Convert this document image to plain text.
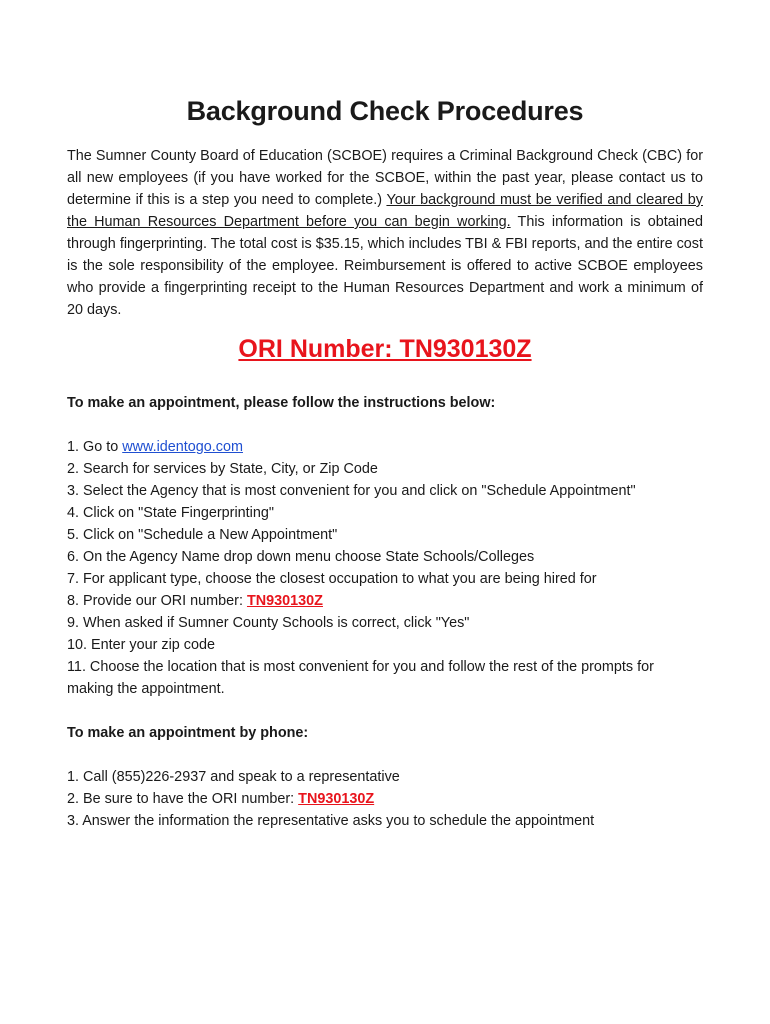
Background Check Procedures

The Sumner County Board of Education (SCBOE) requires a Criminal Background Check (CBC) for all new employees (if you have worked for the SCBOE, within the past year, please contact us to determine if this is a step you need to complete.) Your background must be verified and cleared by the Human Resources Department before you can begin working. This information is obtained through fingerprinting. The total cost is $35.15, which includes TBI & FBI reports, and the entire cost is the sole responsibility of the employee. Reimbursement is offered to active SCBOE employees who provide a fingerprinting receipt to the Human Resources Department and work a minimum of 20 days.

ORI Number: TN930130Z
To make an appointment, please follow the instructions below:
1. Go to www.identogo.com
2. Search for services by State, City, or Zip Code
3. Select the Agency that is most convenient for you and click on "Schedule Appointment"
4. Click on "State Fingerprinting"
5. Click on "Schedule a New Appointment"
6. On the Agency Name drop down menu choose State Schools/Colleges
7. For applicant type, choose the closest occupation to what you are being hired for
8. Provide our ORI number: TN930130Z
9. When asked if Sumner County Schools is correct, click "Yes"
10. Enter your zip code
11. Choose the location that is most convenient for you and follow the rest of the prompts for making the appointment.
To make an appointment by phone:
1. Call (855)226-2937 and speak to a representative
2. Be sure to have the ORI number: TN930130Z
3. Answer the information the representative asks you to schedule the appointment
